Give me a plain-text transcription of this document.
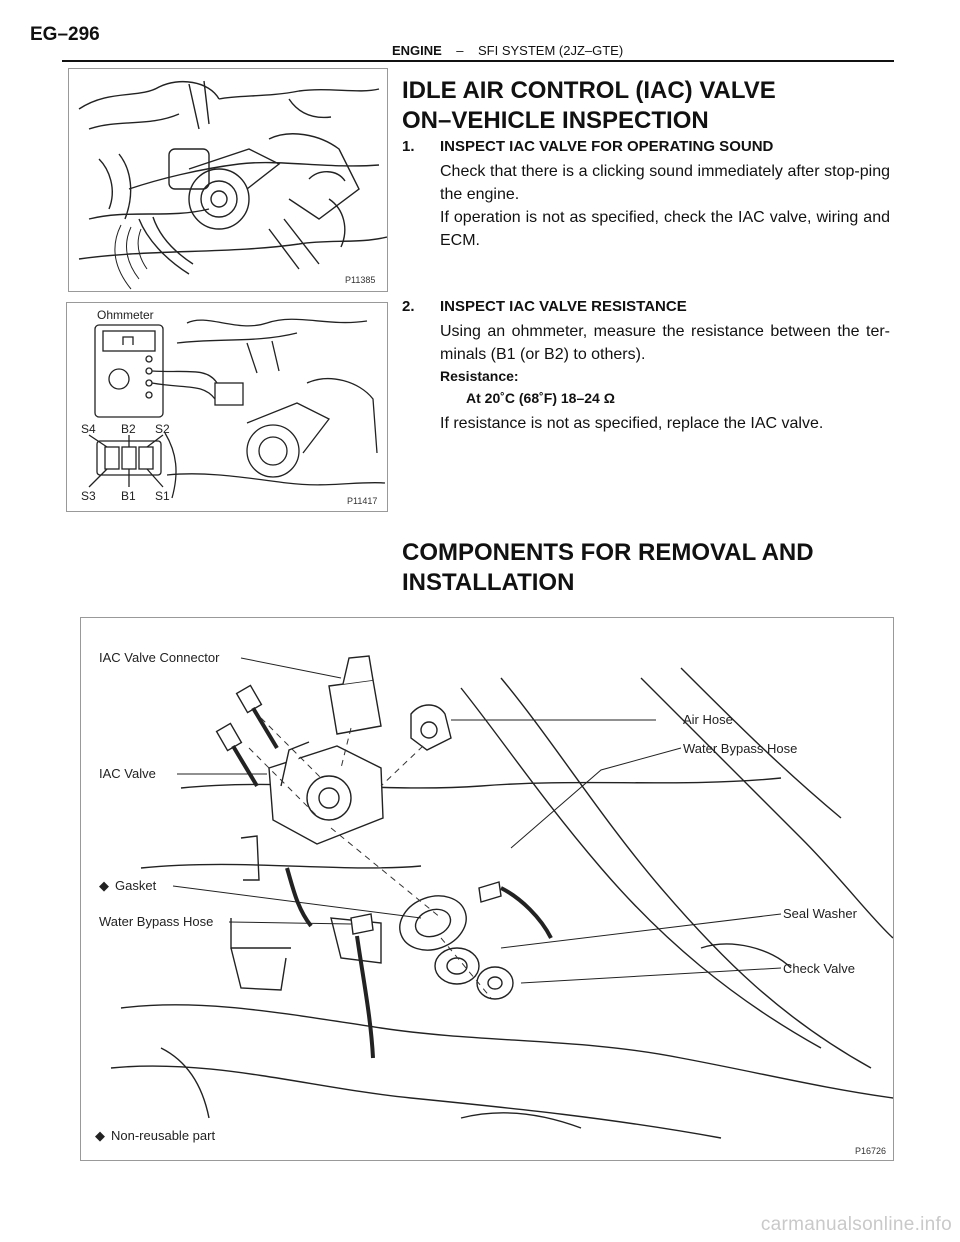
EG–296
ENGINE – SFI SYSTEM (2JZ–GTE)
P11385
Ohmmeter
S4 B2 S2
S3 B1 S1	P11417
IDLE AIR CONTROL (IAC) VALVE
ON–VEHICLE INSPECTION
1. INSPECT IAC VALVE FOR OPERATING SOUND
Check that there is a clicking sound immediately after stop-ping the engine.
If operation is not as specified, check the IAC valve, wiring and ECM.
2. INSPECT IAC VALVE RESISTANCE
Using an ohmmeter, measure the resistance between the ter-minals (B1 (or B2) to others).
Resistance:
At 20˚C (68˚F) 18–24 Ω
If resistance is not as specified, replace the IAC valve.
COMPONENTS FOR REMOVAL AND
INSTALLATION
IAC Valve Connector
Air Hose
Water Bypass Hose
IAC Valve
◆ Gasket
Water Bypass Hose
Seal Washer
Check Valve
◆ Non-reusable part
P16726
carmanualsonline.info
